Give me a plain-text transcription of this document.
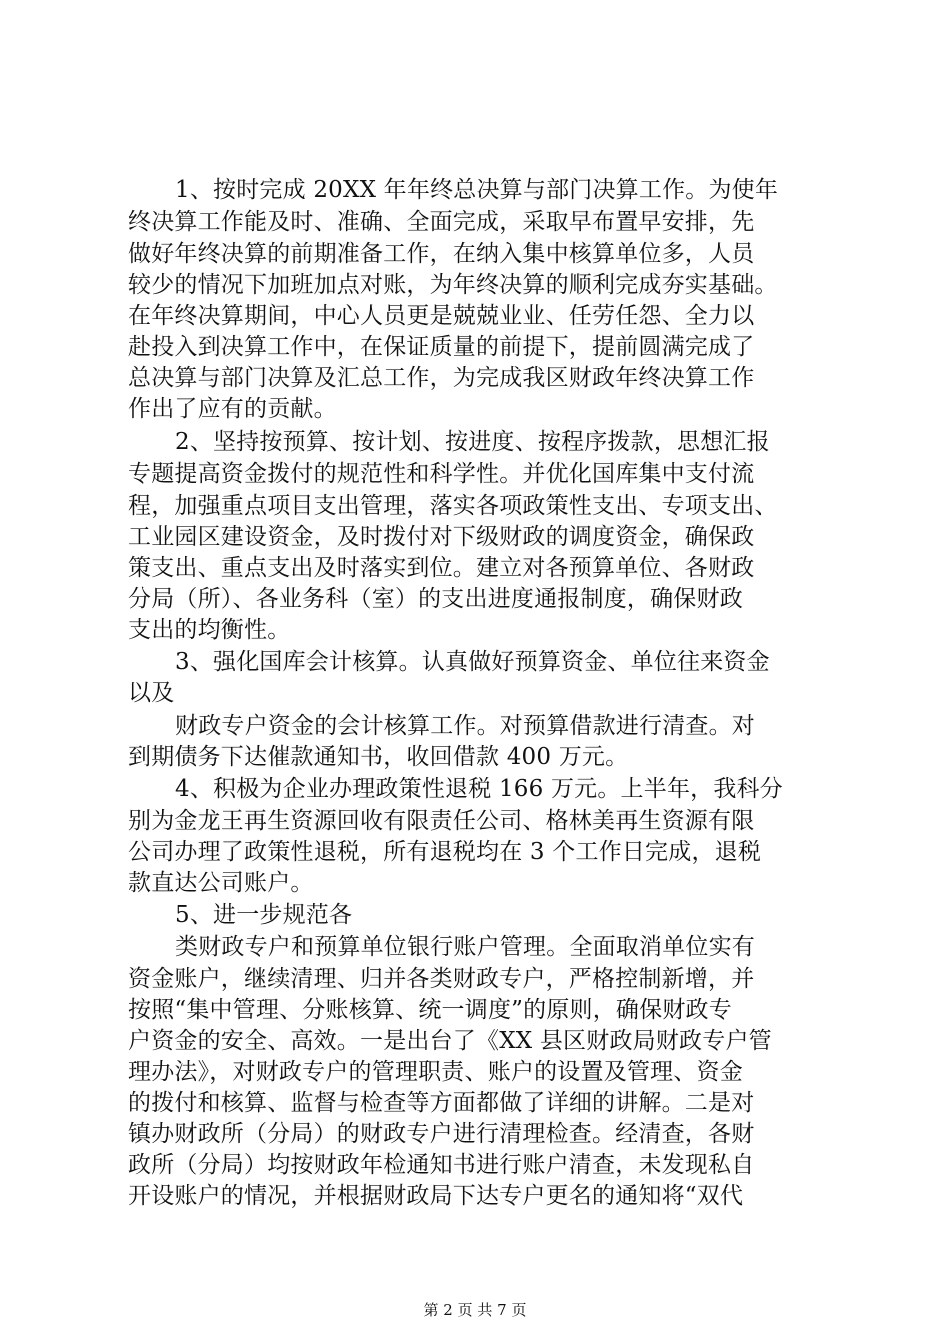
1、按时完成 20XX 年年终总决算与部门决算工作。为使年
终决算工作能及时、准确、全面完成，采取早布置早安排，先
做好年终决算的前期准备工作，在纳入集中核算单位多，人员
较少的情况下加班加点对账，为年终决算的顺利完成夯实基础。
在年终决算期间，中心人员更是兢兢业业、任劳任怨、全力以
赴投入到决算工作中，在保证质量的前提下，提前圆满完成了
总决算与部门决算及汇总工作，为完成我区财政年终决算工作
作出了应有的贡献。
2、坚持按预算、按计划、按进度、按程序拨款，思想汇报
专题提高资金拨付的规范性和科学性。并优化国库集中支付流
程，加强重点项目支出管理，落实各项政策性支出、专项支出、
工业园区建设资金，及时拨付对下级财政的调度资金，确保政
策支出、重点支出及时落实到位。建立对各预算单位、各财政
分局（所）、各业务科（室）的支出进度通报制度，确保财政
支出的均衡性。
3、强化国库会计核算。认真做好预算资金、单位往来资金
以及
财政专户资金的会计核算工作。对预算借款进行清查。对
到期债务下达催款通知书，收回借款 400 万元。
4、积极为企业办理政策性退税 166 万元。上半年，我科分
别为金龙王再生资源回收有限责任公司、格林美再生资源有限
公司办理了政策性退税，所有退税均在 3 个工作日完成，退税
款直达公司账户。
5、进一步规范各
类财政专户和预算单位银行账户管理。全面取消单位实有
资金账户，继续清理、归并各类财政专户，严格控制新增，并
按照“集中管理、分账核算、统一调度”的原则，确保财政专
户资金的安全、高效。一是出台了《XX 县区财政局财政专户管
理办法》，对财政专户的管理职责、账户的设置及管理、资金
的拨付和核算、监督与检查等方面都做了详细的讲解。二是对
镇办财政所（分局）的财政专户进行清理检查。经清查，各财
政所（分局）均按财政年检通知书进行账户清查，未发现私自
开设账户的情况，并根据财政局下达专户更名的通知将“双代
第 2 页 共 7 页
